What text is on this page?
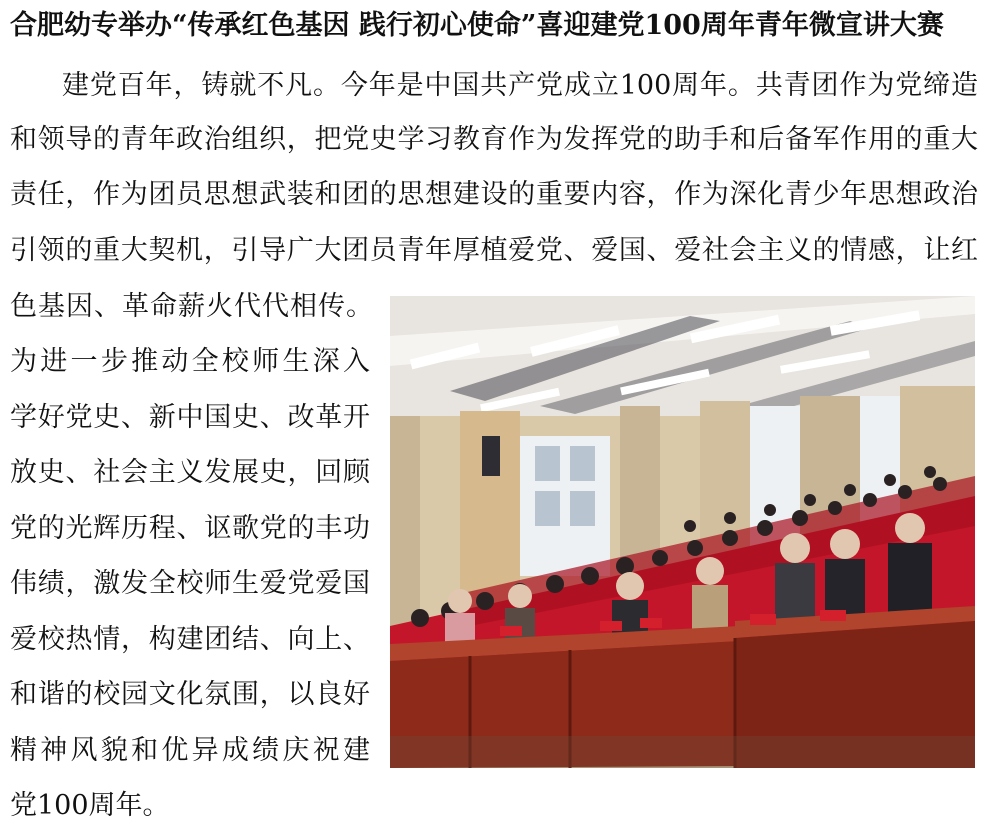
合肥幼专举办“传承红色基因 践行初心使命”喜迎建党100周年青年微宣讲大赛
建党百年，铸就不凡。今年是中国共产党成立100周年。共青团作为党缔造
和领导的青年政治组织，把党史学习教育作为发挥党的助手和后备军作用的重大
责任，作为团员思想武装和团的思想建设的重要内容，作为深化青少年思想政治
引领的重大契机，引导广大团员青年厚植爱党、爱国、爱社会主义的情感，让红
色基因、革命薪火代代相传。
为进一步推动全校师生深入
学好党史、新中国史、改革开
放史、社会主义发展史，回顾
党的光辉历程、讴歌党的丰功
伟绩，激发全校师生爱党爱国
爱校热情，构建团结、向上、
和谐的校园文化氛围，以良好
精神风貌和优异成绩庆祝建
党100周年。
